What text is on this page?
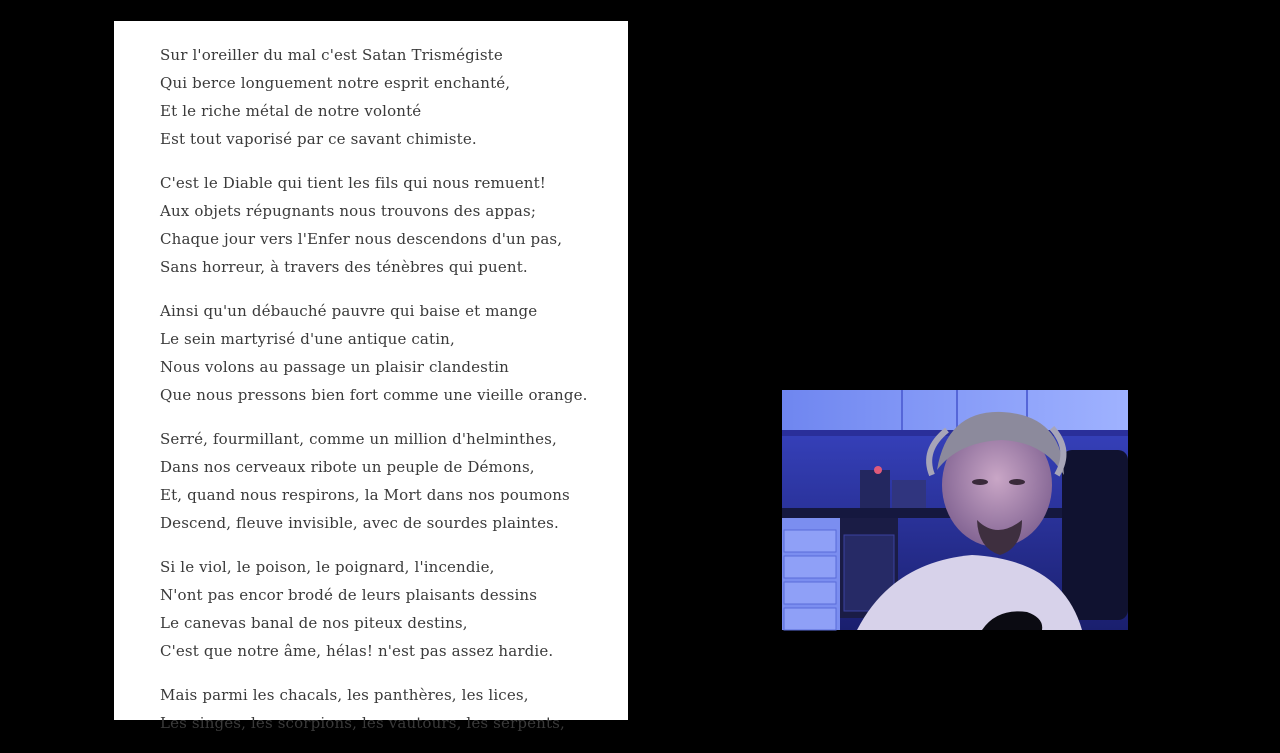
Sur l'oreiller du mal c'est Satan Trismégiste
Qui berce longuement notre esprit enchanté,
Et le riche métal de notre volonté
Est tout vaporisé par ce savant chimiste.
C'est le Diable qui tient les fils qui nous remuent!
Aux objets répugnants nous trouvons des appas;
Chaque jour vers l'Enfer nous descendons d'un pas,
Sans horreur, à travers des ténèbres qui puent.
Ainsi qu'un débauché pauvre qui baise et mange
Le sein martyrisé d'une antique catin,
Nous volons au passage un plaisir clandestin
Que nous pressons bien fort comme une vieille orange.
Serré, fourmillant, comme un million d'helminthes,
Dans nos cerveaux ribote un peuple de Démons,
Et, quand nous respirons, la Mort dans nos poumons
Descend, fleuve invisible, avec de sourdes plaintes.
Si le viol, le poison, le poignard, l'incendie,
N'ont pas encor brodé de leurs plaisants dessins
Le canevas banal de nos piteux destins,
C'est que notre âme, hélas! n'est pas assez hardie.
Mais parmi les chacals, les panthères, les lices,
Les singes, les scorpions, les vautours, les serpents,
